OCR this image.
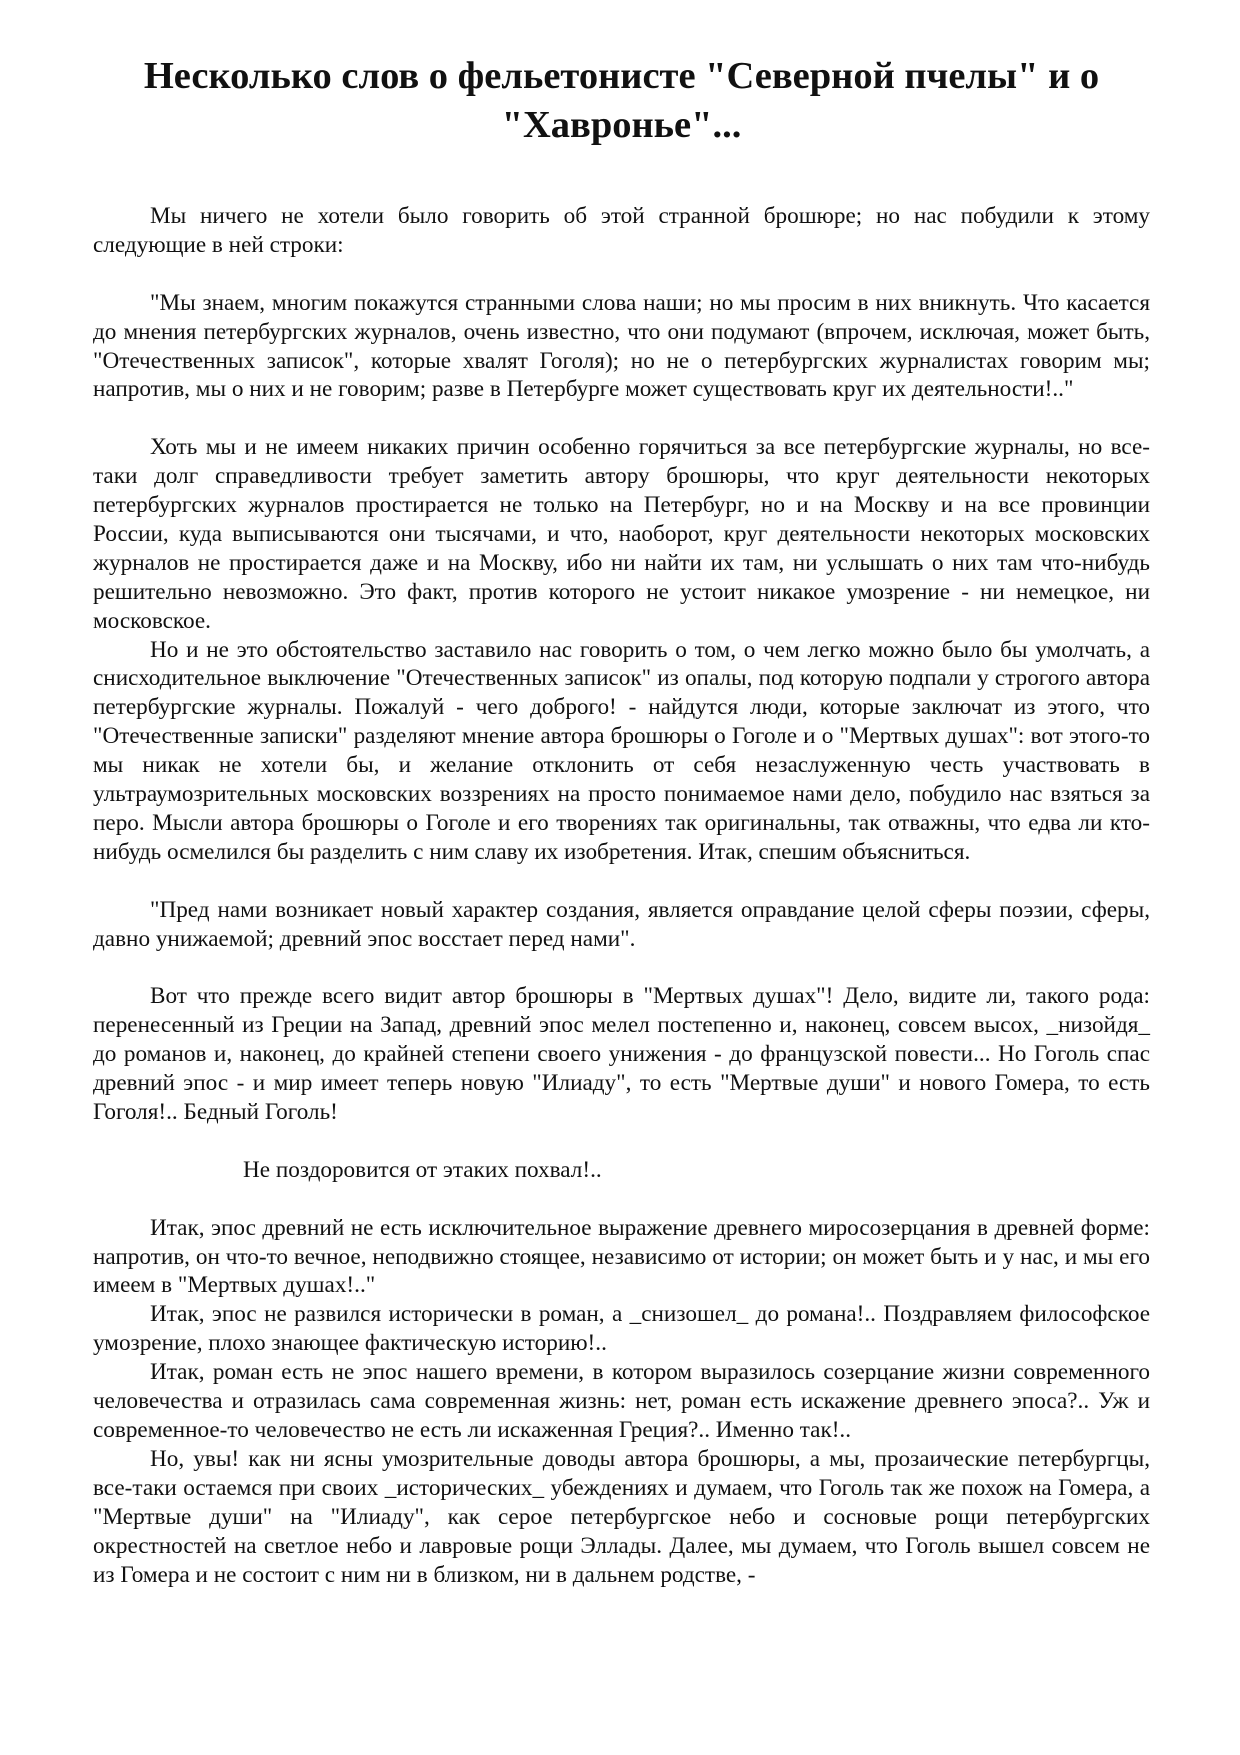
Несколько слов о фельетонисте "Северной пчелы" и о "Хавронье"...

Мы ничего не хотели было говорить об этой странной брошюре; но нас побудили к этому следующие в ней строки:

"Мы знаем, многим покажутся странными слова наши; но мы просим в них вникнуть. Что касается до мнения петербургских журналов, очень известно, что они подумают (впрочем, исключая, может быть, "Отечественных записок", которые хвалят Гоголя); но не о петербургских журналистах говорим мы; напротив, мы о них и не говорим; разве в Петербурге может существовать круг их деятельности!.."

Хоть мы и не имеем никаких причин особенно горячиться за все петербургские журналы, но все-таки долг справедливости требует заметить автору брошюры, что круг деятельности некоторых петербургских журналов простирается не только на Петербург, но и на Москву и на все провинции России, куда выписываются они тысячами, и что, наоборот, круг деятельности некоторых московских журналов не простирается даже и на Москву, ибо ни найти их там, ни услышать о них там что-нибудь решительно невозможно. Это факт, против которого не устоит никакое умозрение - ни немецкое, ни московское.

Но и не это обстоятельство заставило нас говорить о том, о чем легко можно было бы умолчать, а снисходительное выключение "Отечественных записок" из опалы, под которую подпали у строгого автора петербургские журналы. Пожалуй - чего доброго! - найдутся люди, которые заключат из этого, что "Отечественные записки" разделяют мнение автора брошюры о Гоголе и о "Мертвых душах": вот этого-то мы никак не хотели бы, и желание отклонить от себя незаслуженную честь участвовать в ультраумозрительных московских воззрениях на просто понимаемое нами дело, побудило нас взяться за перо. Мысли автора брошюры о Гоголе и его творениях так оригинальны, так отважны, что едва ли кто-нибудь осмелился бы разделить с ним славу их изобретения. Итак, спешим объясниться.

"Пред нами возникает новый характер создания, является оправдание целой сферы поэзии, сферы, давно унижаемой; древний эпос восстает перед нами".

Вот что прежде всего видит автор брошюры в "Мертвых душах"! Дело, видите ли, такого рода: перенесенный из Греции на Запад, древний эпос мелел постепенно и, наконец, совсем высох, _низойдя_ до романов и, наконец, до крайней степени своего унижения - до французской повести... Но Гоголь спас древний эпос - и мир имеет теперь новую "Илиаду", то есть "Мертвые души" и нового Гомера, то есть Гоголя!.. Бедный Гоголь!

Не поздоровится от этаких похвал!..

Итак, эпос древний не есть исключительное выражение древнего миросозерцания в древней форме: напротив, он что-то вечное, неподвижно стоящее, независимо от истории; он может быть и у нас, и мы его имеем в "Мертвых душах!.."

Итак, эпос не развился исторически в роман, а _снизошел_ до романа!.. Поздравляем философское умозрение, плохо знающее фактическую историю!..

Итак, роман есть не эпос нашего времени, в котором выразилось созерцание жизни современного человечества и отразилась сама современная жизнь: нет, роман есть искажение древнего эпоса?.. Уж и современное-то человечество не есть ли искаженная Греция?.. Именно так!..

Но, увы! как ни ясны умозрительные доводы автора брошюры, а мы, прозаические петербургцы, все-таки остаемся при своих _исторических_ убеждениях и думаем, что Гоголь так же похож на Гомера, а "Мертвые души" на "Илиаду", как серое петербургское небо и сосновые рощи петербургских окрестностей на светлое небо и лавровые рощи Эллады. Далее, мы думаем, что Гоголь вышел совсем не из Гомера и не состоит с ним ни в близком, ни в дальнем родстве, -
